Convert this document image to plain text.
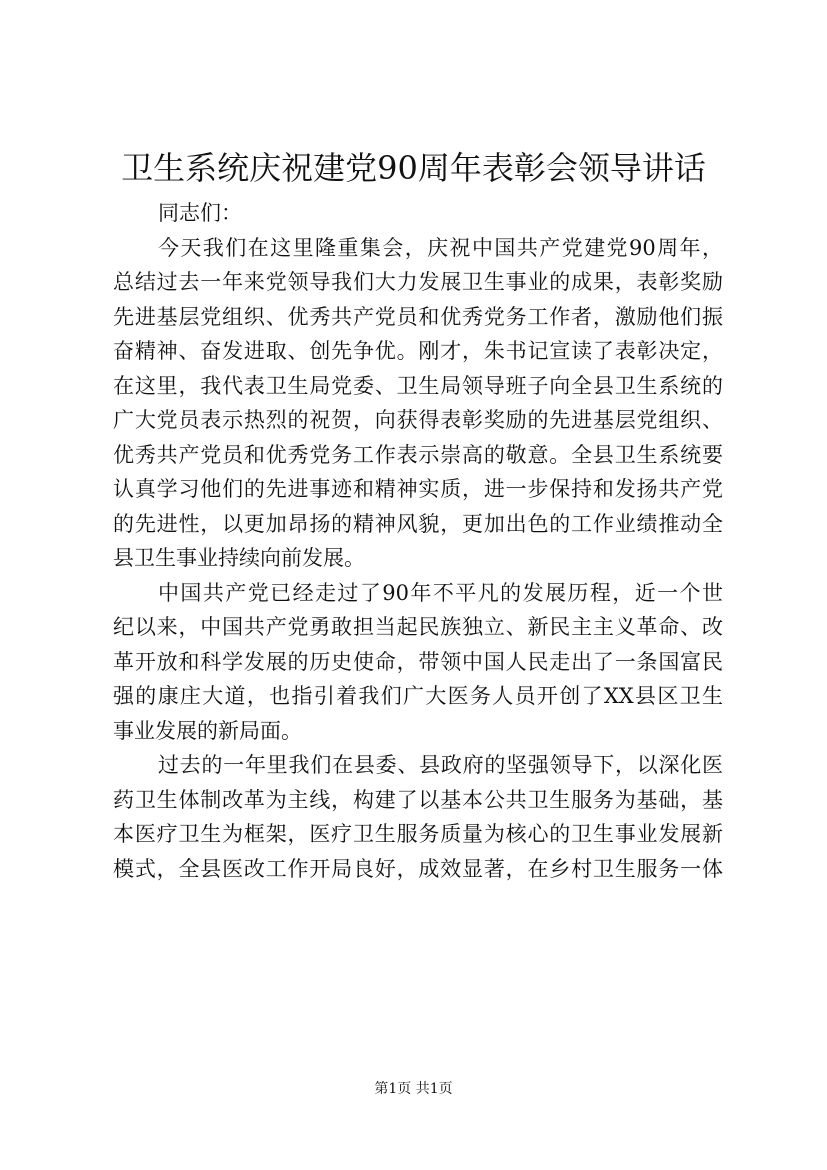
卫生系统庆祝建党90周年表彰会领导讲话
同志们：
今天我们在这里隆重集会，庆祝中国共产党建党90周年，
总结过去一年来党领导我们大力发展卫生事业的成果，表彰奖励
先进基层党组织、优秀共产党员和优秀党务工作者，激励他们振
奋精神、奋发进取、创先争优。刚才，朱书记宣读了表彰决定，
在这里，我代表卫生局党委、卫生局领导班子向全县卫生系统的
广大党员表示热烈的祝贺，向获得表彰奖励的先进基层党组织、
优秀共产党员和优秀党务工作表示崇高的敬意。全县卫生系统要
认真学习他们的先进事迹和精神实质，进一步保持和发扬共产党
的先进性，以更加昂扬的精神风貌，更加出色的工作业绩推动全
县卫生事业持续向前发展。
中国共产党已经走过了90年不平凡的发展历程，近一个世
纪以来，中国共产党勇敢担当起民族独立、新民主主义革命、改
革开放和科学发展的历史使命，带领中国人民走出了一条国富民
强的康庄大道，也指引着我们广大医务人员开创了XX县区卫生
事业发展的新局面。
过去的一年里我们在县委、县政府的坚强领导下，以深化医
药卫生体制改革为主线，构建了以基本公共卫生服务为基础，基
本医疗卫生为框架，医疗卫生服务质量为核心的卫生事业发展新
模式，全县医改工作开局良好，成效显著，在乡村卫生服务一体
第1页 共1页
